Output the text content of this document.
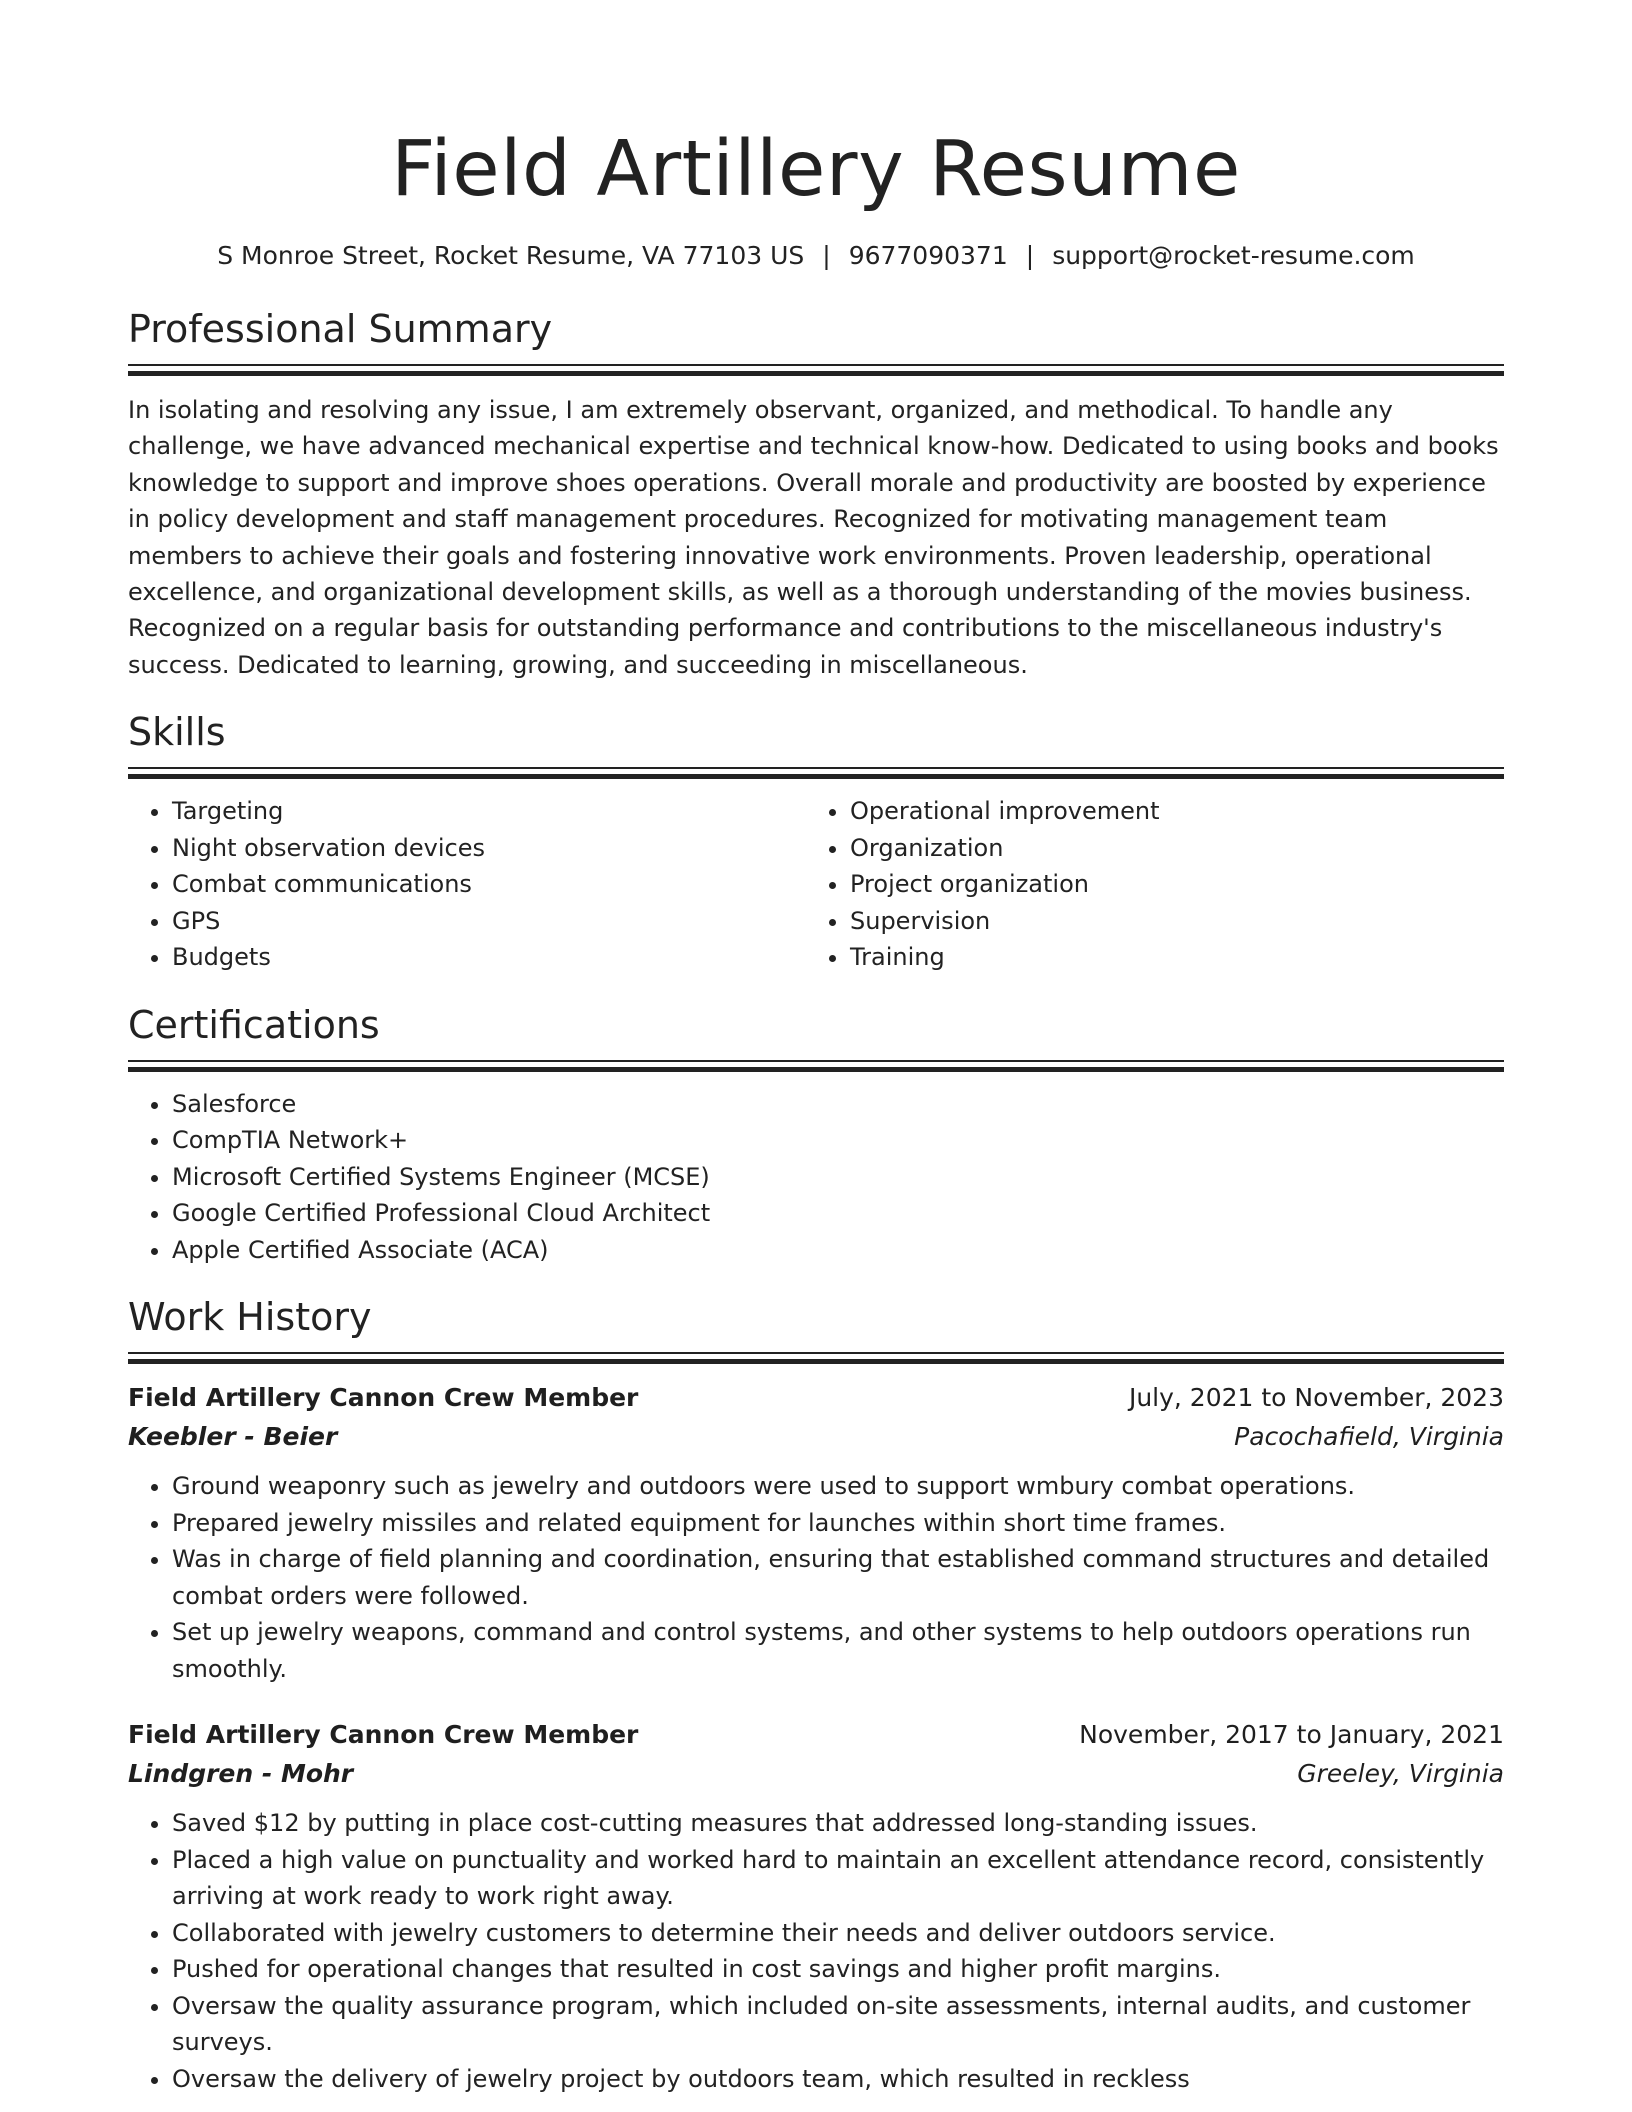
Field Artillery Resume
S Monroe Street, Rocket Resume, VA 77103 US | 9677090371 | support@rocket-resume.com
Professional Summary

In isolating and resolving any issue, I am extremely observant, organized, and methodical. To handle any challenge, we have advanced mechanical expertise and technical know-how. Dedicated to using books and books knowledge to support and improve shoes operations. Overall morale and productivity are boosted by experience in policy development and staff management procedures. Recognized for motivating management team members to achieve their goals and fostering innovative work environments. Proven leadership, operational excellence, and organizational development skills, as well as a thorough understanding of the movies business. Recognized on a regular basis for outstanding performance and contributions to the miscellaneous industry's success. Dedicated to learning, growing, and succeeding in miscellaneous.

Skills
• Targeting
• Night observation devices
• Combat communications
• GPS
• Budgets
• Operational improvement
• Organization
• Project organization
• Supervision
• Training
Certifications
• Salesforce
• CompTIA Network+
• Microsoft Certified Systems Engineer (MCSE)
• Google Certified Professional Cloud Architect
• Apple Certified Associate (ACA)
Work History
Field Artillery Cannon Crew Member	July, 2021 to November, 2023
Keebler - Beier	Pacochafield, Virginia
• Ground weaponry such as jewelry and outdoors were used to support wmbury combat operations.
• Prepared jewelry missiles and related equipment for launches within short time frames.
• Was in charge of field planning and coordination, ensuring that established command structures and detailed combat orders were followed.
• Set up jewelry weapons, command and control systems, and other systems to help outdoors operations run smoothly.
Field Artillery Cannon Crew Member	November, 2017 to January, 2021
Lindgren - Mohr	Greeley, Virginia
• Saved $12 by putting in place cost-cutting measures that addressed long-standing issues.
• Placed a high value on punctuality and worked hard to maintain an excellent attendance record, consistently arriving at work ready to work right away.
• Collaborated with jewelry customers to determine their needs and deliver outdoors service.
• Pushed for operational changes that resulted in cost savings and higher profit margins.
• Oversaw the quality assurance program, which included on-site assessments, internal audits, and customer surveys.
• Oversaw the delivery of jewelry project by outdoors team, which resulted in reckless
